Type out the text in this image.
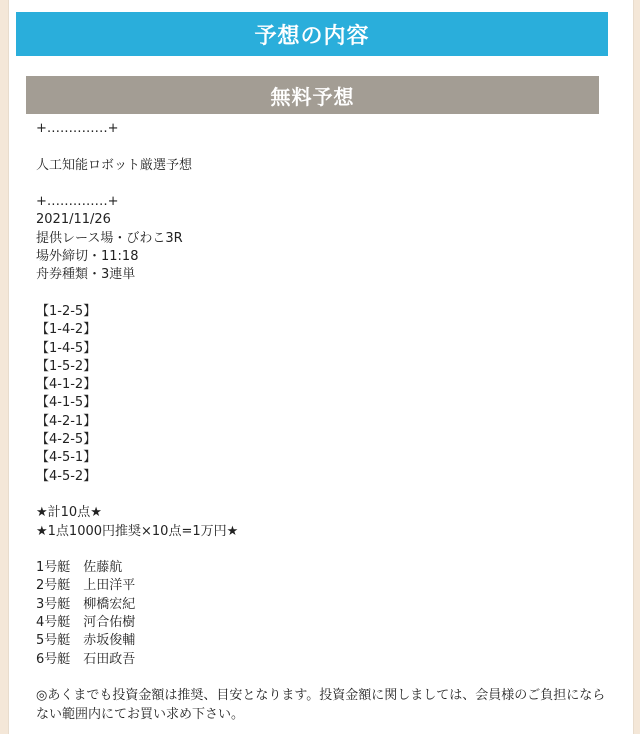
予想の内容
無料予想
+‥‥‥‥‥‥‥+
人工知能ロボット厳選予想
+‥‥‥‥‥‥‥+
2021/11/26
提供レース場・びわこ3R
場外締切・11:18
舟券種類・3連単
【1-2-5】
【1-4-2】
【1-4-5】
【1-5-2】
【4-1-2】
【4-1-5】
【4-2-1】
【4-2-5】
【4-5-1】
【4-5-2】
★計10点★
★1点1000円推奨×10点=1万円★
1号艇　佐藤航
2号艇　上田洋平
3号艇　柳橋宏紀
4号艇　河合佑樹
5号艇　赤坂俊輔
6号艇　石田政吾
◎あくまでも投資金額は推奨、目安となります。投資金額に関しましては、会員様のご負担にならない範囲内にてお買い求め下さい。
